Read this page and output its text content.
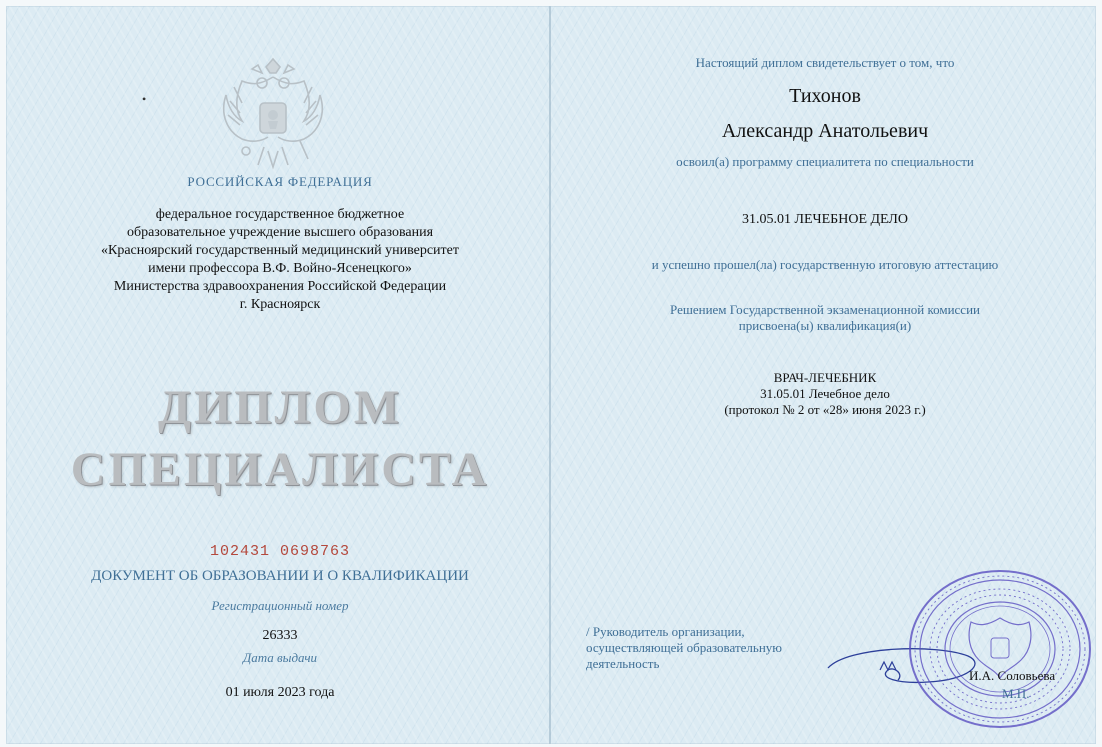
•
РОССИЙСКАЯ ФЕДЕРАЦИЯ
федеральное государственное бюджетное
образовательное учреждение высшего образования
«Красноярский государственный медицинский университет
имени профессора В.Ф. Войно-Ясенецкого»
Министерства здравоохранения Российской Федерации
г. Красноярск
ДИПЛОМ
СПЕЦИАЛИСТА
102431 0698763
ДОКУМЕНТ ОБ ОБРАЗОВАНИИ И О КВАЛИФИКАЦИИ
Регистрационный номер
26333
Дата выдачи
01 июля 2023 года
Настоящий диплом свидетельствует о том, что
Тихонов
Александр Анатольевич
освоил(а) программу специалитета по специальности
31.05.01 ЛЕЧЕБНОЕ ДЕЛО
и успешно прошел(ла) государственную итоговую аттестацию
Решением Государственной экзаменационной комиссии
присвоена(ы) квалификация(и)
ВРАЧ-ЛЕЧЕБНИК
31.05.01 Лечебное дело
(протокол № 2 от «28» июня 2023 г.)
/ Руководитель организации,
осуществляющей образовательную
деятельность
И.А. Соловьева
М.П.
